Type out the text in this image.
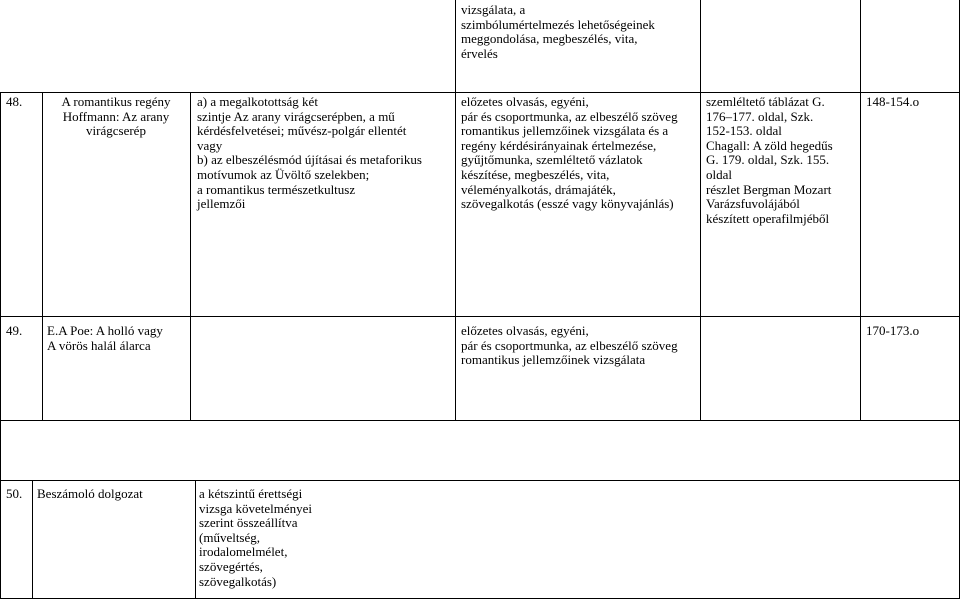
vizsgálata, a
szimbólumértelmezés lehetőségeinek
meggondolása, megbeszélés, vita,
érvelés
48.	A romantikus regény
Hoffmann: Az arany
virágcserép
a) a megalkotottság két
szintje Az arany virágcserépben, a mű
kérdésfelvetései; művész-polgár ellentét
vagy
b) az elbeszélésmód újításai és metaforikus
motívumok az Üvöltő szelekben;
a romantikus természetkultusz
jellemzői
előzetes olvasás, egyéni,
pár és csoportmunka, az elbeszélő szöveg
romantikus jellemzőinek vizsgálata és a
regény kérdésirányainak értelmezése,
gyűjtőmunka, szemléltető vázlatok
készítése, megbeszélés, vita,
véleményalkotás, drámajáték,
szövegalkotás (esszé vagy könyvajánlás)
szemléltető táblázat G.
176–177. oldal, Szk.
152-153. oldal
Chagall: A zöld hegedűs
G. 179. oldal, Szk. 155.
oldal
részlet Bergman Mozart
Varázsfuvolájából
készített operafilmjéből
148-154.o
49. E.A Poe: A holló vagy
A vörös halál álarca
előzetes olvasás, egyéni,
pár és csoportmunka, az elbeszélő szöveg
romantikus jellemzőinek vizsgálata
170-173.o
50. Beszámoló dolgozat	a kétszintű érettségi
vizsga követelményei
szerint összeállítva
(műveltség,
irodalomelmélet,
szövegértés,
szövegalkotás)
